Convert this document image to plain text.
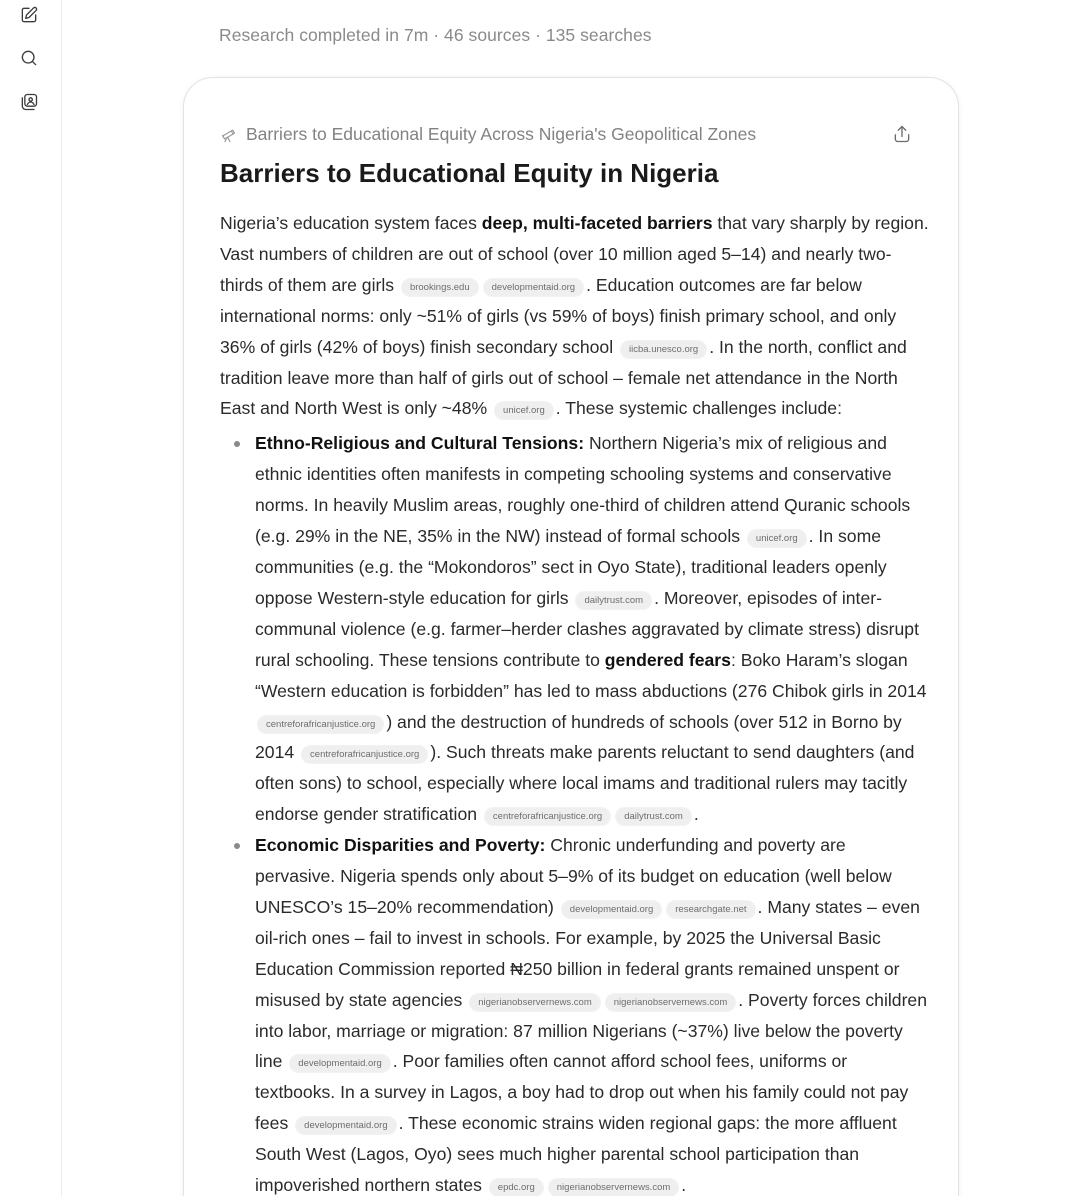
Research completed in 7m · 46 sources · 135 searches
Barriers to Educational Equity Across Nigeria's Geopolitical Zones
Barriers to Educational Equity in Nigeria

Nigeria’s education system faces deep, multi-faceted barriers that vary sharply by region. Vast numbers of children are out of school (over 10 million aged 5–14) and nearly two-thirds of them are girls brookings.edu developmentaid.org . Education outcomes are far below international norms: only ~51% of girls (vs 59% of boys) finish primary school, and only 36% of girls (42% of boys) finish secondary school iicba.unesco.org . In the north, conflict and tradition leave more than half of girls out of school – female net attendance in the North East and North West is only ~48% unicef.org . These systemic challenges include:

Ethno-Religious and Cultural Tensions: Northern Nigeria’s mix of religious and ethnic identities often manifests in competing schooling systems and conservative norms. In heavily Muslim areas, roughly one-third of children attend Quranic schools (e.g. 29% in the NE, 35% in the NW) instead of formal schools unicef.org . In some communities (e.g. the “Mokondoros” sect in Oyo State), traditional leaders openly oppose Western-style education for girls dailytrust.com . Moreover, episodes of inter-communal violence (e.g. farmer–herder clashes aggravated by climate stress) disrupt rural schooling. These tensions contribute to gendered fears: Boko Haram’s slogan “Western education is forbidden” has led to mass abductions (276 Chibok girls in 2014 centreforafricanjustice.org ) and the destruction of hundreds of schools (over 512 in Borno by 2014 centreforafricanjustice.org ). Such threats make parents reluctant to send daughters (and often sons) to school, especially where local imams and traditional rulers may tacitly endorse gender stratification centreforafricanjustice.org dailytrust.com .
Economic Disparities and Poverty: Chronic underfunding and poverty are pervasive. Nigeria spends only about 5–9% of its budget on education (well below UNESCO’s 15–20% recommendation) developmentaid.org researchgate.net . Many states – even oil-rich ones – fail to invest in schools. For example, by 2025 the Universal Basic Education Commission reported ₦250 billion in federal grants remained unspent or misused by state agencies nigerianobservernews.com nigerianobservernews.com . Poverty forces children into labor, marriage or migration: 87 million Nigerians (~37%) live below the poverty line developmentaid.org . Poor families often cannot afford school fees, uniforms or textbooks. In a survey in Lagos, a boy had to drop out when his family could not pay fees developmentaid.org . These economic strains widen regional gaps: the more affluent South West (Lagos, Oyo) sees much higher parental school participation than impoverished northern states epdc.org nigerianobservernews.com .
